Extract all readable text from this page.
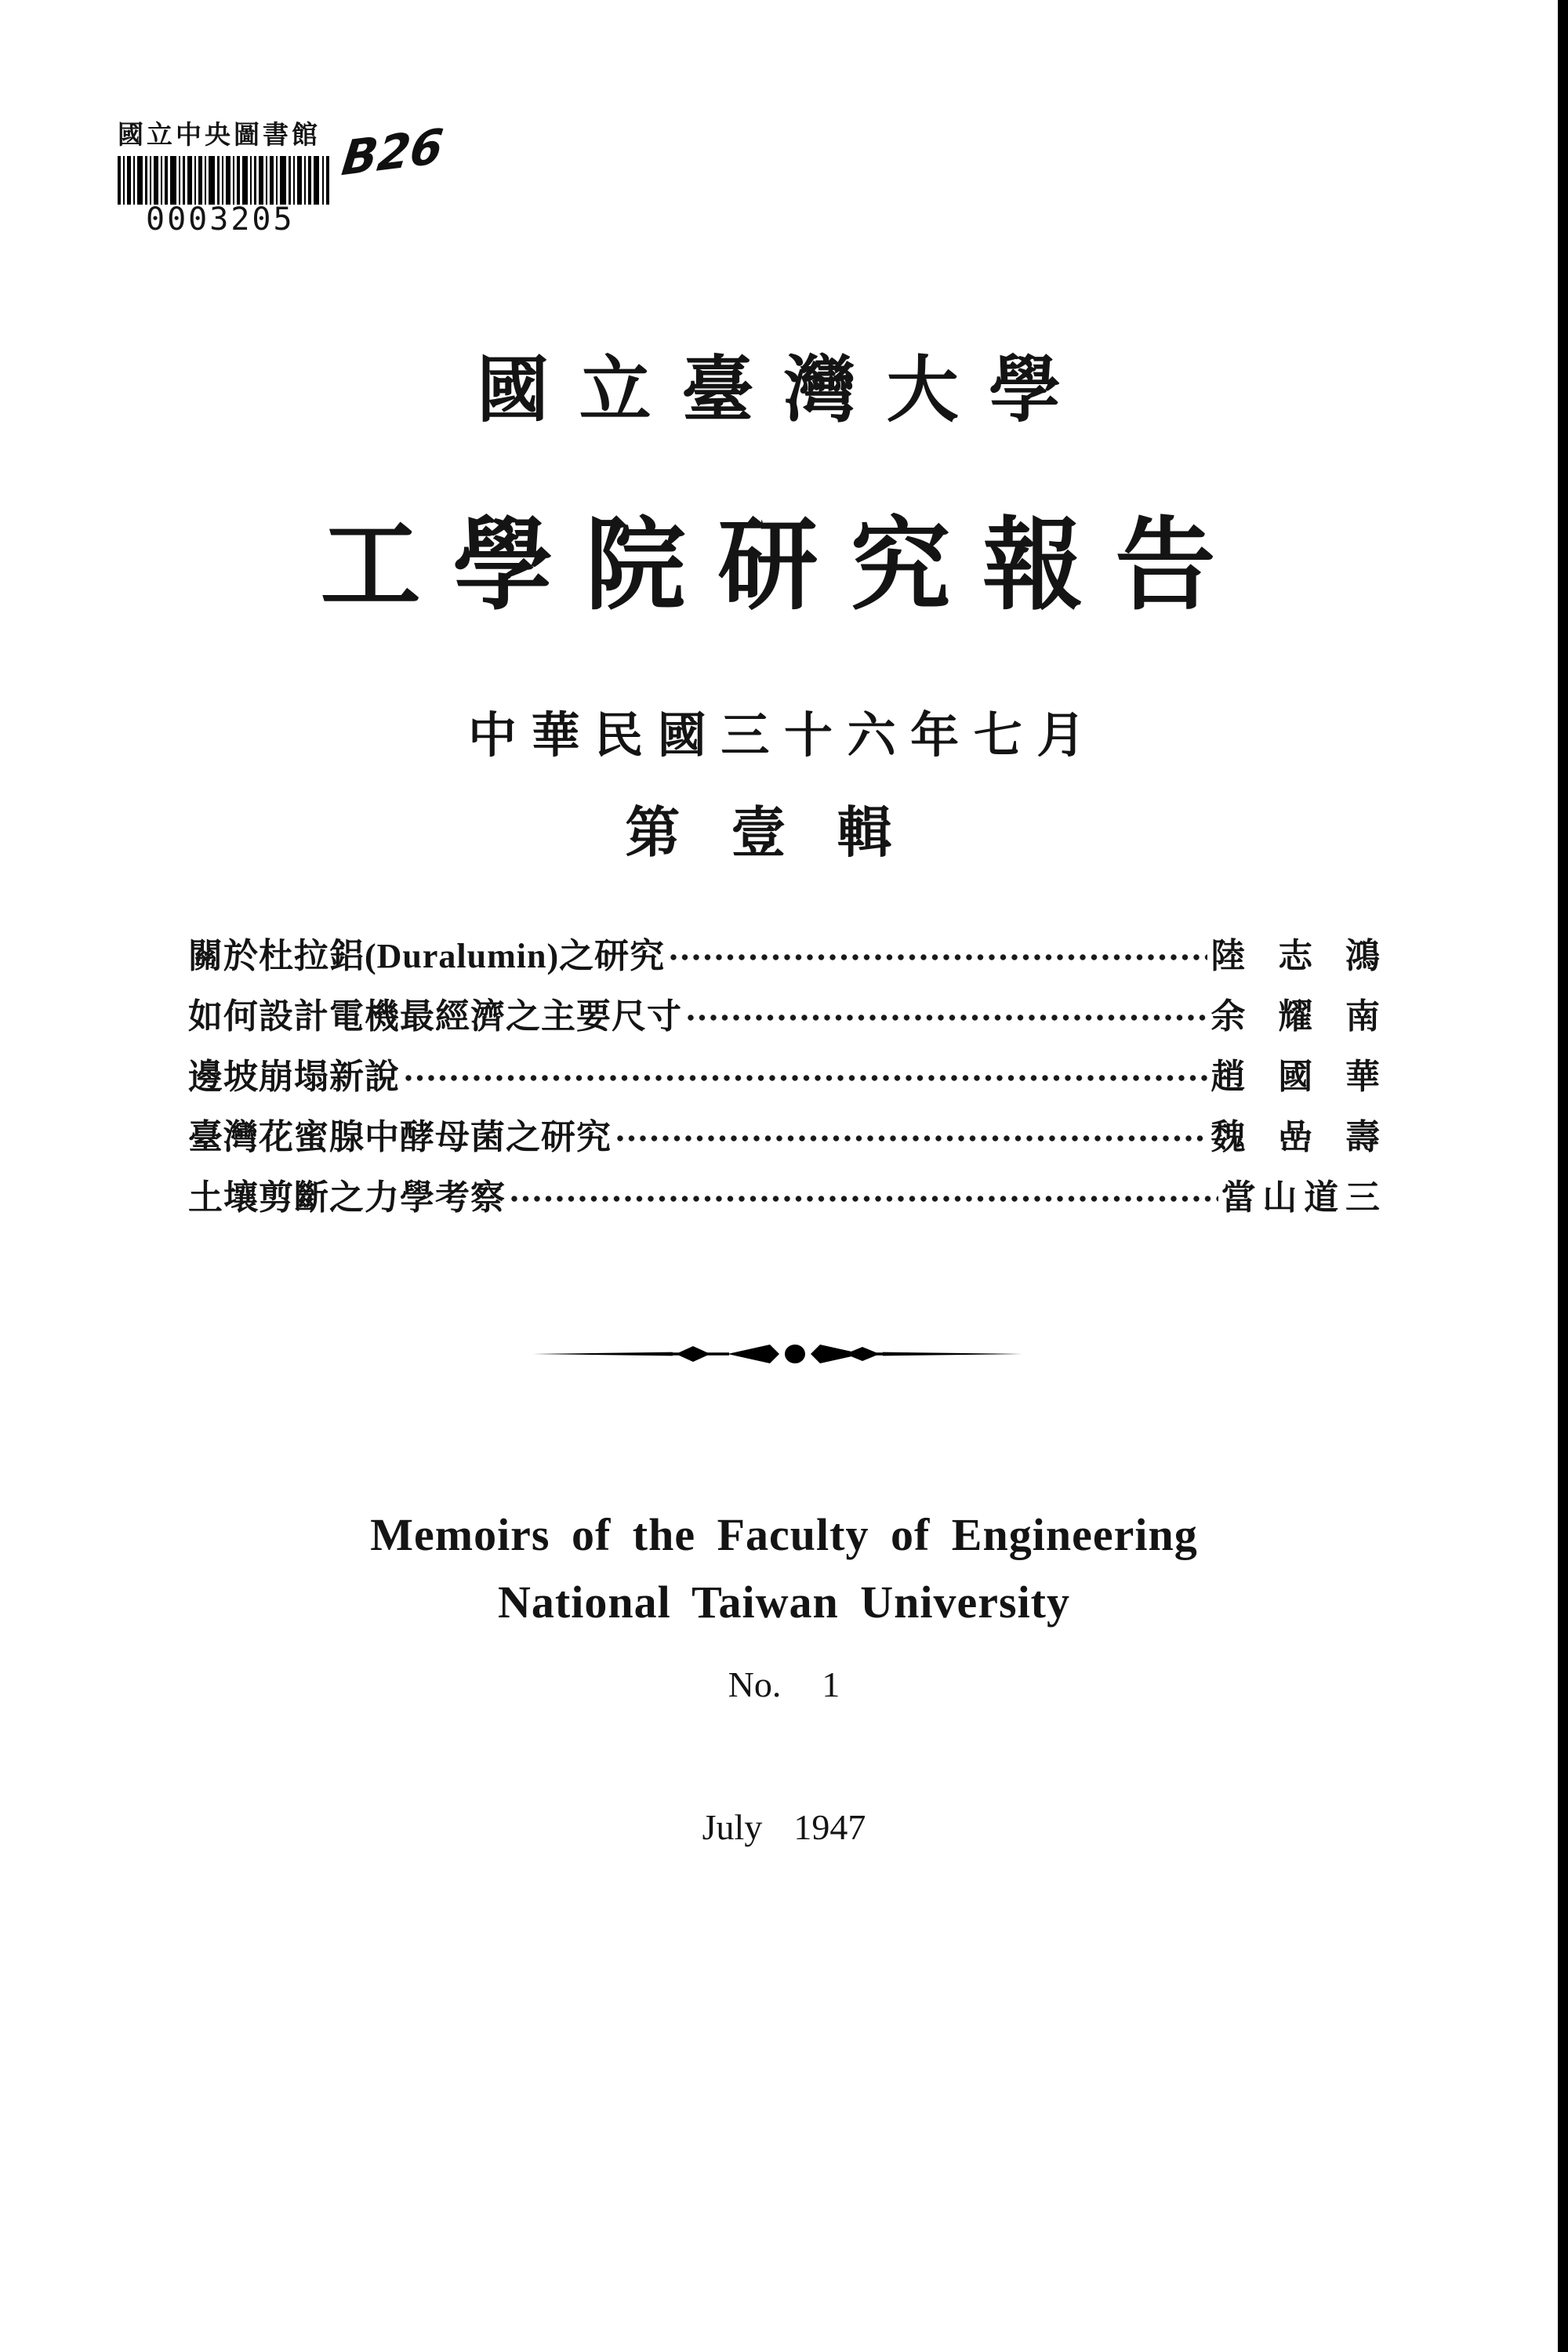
國立中央圖書館
0003205
B26
國立臺灣大學
工學院研究報告
中華民國三十六年七月
第壹輯
關於杜拉鋁(Duralumin)之研究	陸志鴻
如何設計電機最經濟之主要尺寸	余耀南
邊坡崩塌新說	趙國華
臺灣花蜜腺中酵母菌之研究	魏嵒壽
土壤剪斷之力學考察	當山道三
Memoirs of the Faculty of Engineering
National Taiwan University
No. 1
July 1947
